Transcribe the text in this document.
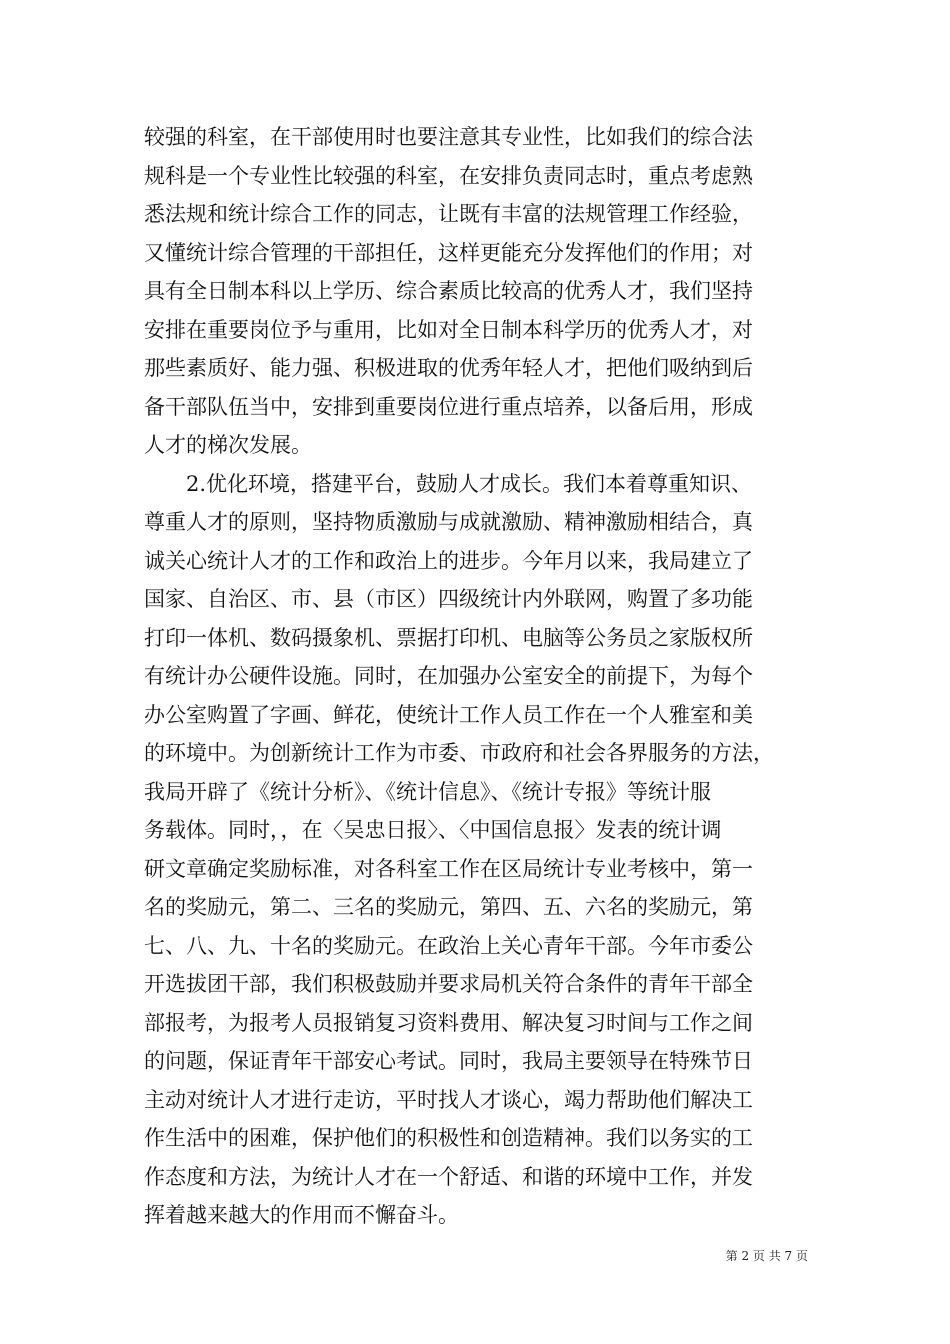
较强的科室，在干部使用时也要注意其专业性，比如我们的综合法
规科是一个专业性比较强的科室，在安排负责同志时，重点考虑熟
悉法规和统计综合工作的同志，让既有丰富的法规管理工作经验，
又懂统计综合管理的干部担任，这样更能充分发挥他们的作用；对
具有全日制本科以上学历、综合素质比较高的优秀人才，我们坚持
安排在重要岗位予与重用，比如对全日制本科学历的优秀人才，对
那些素质好、能力强、积极进取的优秀年轻人才，把他们吸纳到后
备干部队伍当中，安排到重要岗位进行重点培养，以备后用，形成
人才的梯次发展。
2.优化环境，搭建平台，鼓励人才成长。我们本着尊重知识、
尊重人才的原则，坚持物质激励与成就激励、精神激励相结合，真
诚关心统计人才的工作和政治上的进步。今年月以来，我局建立了
国家、自治区、市、县（市区）四级统计内外联网，购置了多功能
打印一体机、数码摄象机、票据打印机、电脑等公务员之家版权所
有统计办公硬件设施。同时，在加强办公室安全的前提下，为每个
办公室购置了字画、鲜花，使统计工作人员工作在一个人雅室和美
的环境中。为创新统计工作为市委、市政府和社会各界服务的方法，
我局开辟了《统计分析》、《统计信息》、《统计专报》等统计服
务载体。同时，，在〈吴忠日报〉、〈中国信息报〉发表的统计调
研文章确定奖励标准，对各科室工作在区局统计专业考核中，第一
名的奖励元，第二、三名的奖励元，第四、五、六名的奖励元，第
七、八、九、十名的奖励元。在政治上关心青年干部。今年市委公
开选拔团干部，我们积极鼓励并要求局机关符合条件的青年干部全
部报考，为报考人员报销复习资料费用、解决复习时间与工作之间
的问题，保证青年干部安心考试。同时，我局主要领导在特殊节日
主动对统计人才进行走访，平时找人才谈心，竭力帮助他们解决工
作生活中的困难，保护他们的积极性和创造精神。我们以务实的工
作态度和方法，为统计人才在一个舒适、和谐的环境中工作，并发
挥着越来越大的作用而不懈奋斗。
第 2 页 共 7 页
